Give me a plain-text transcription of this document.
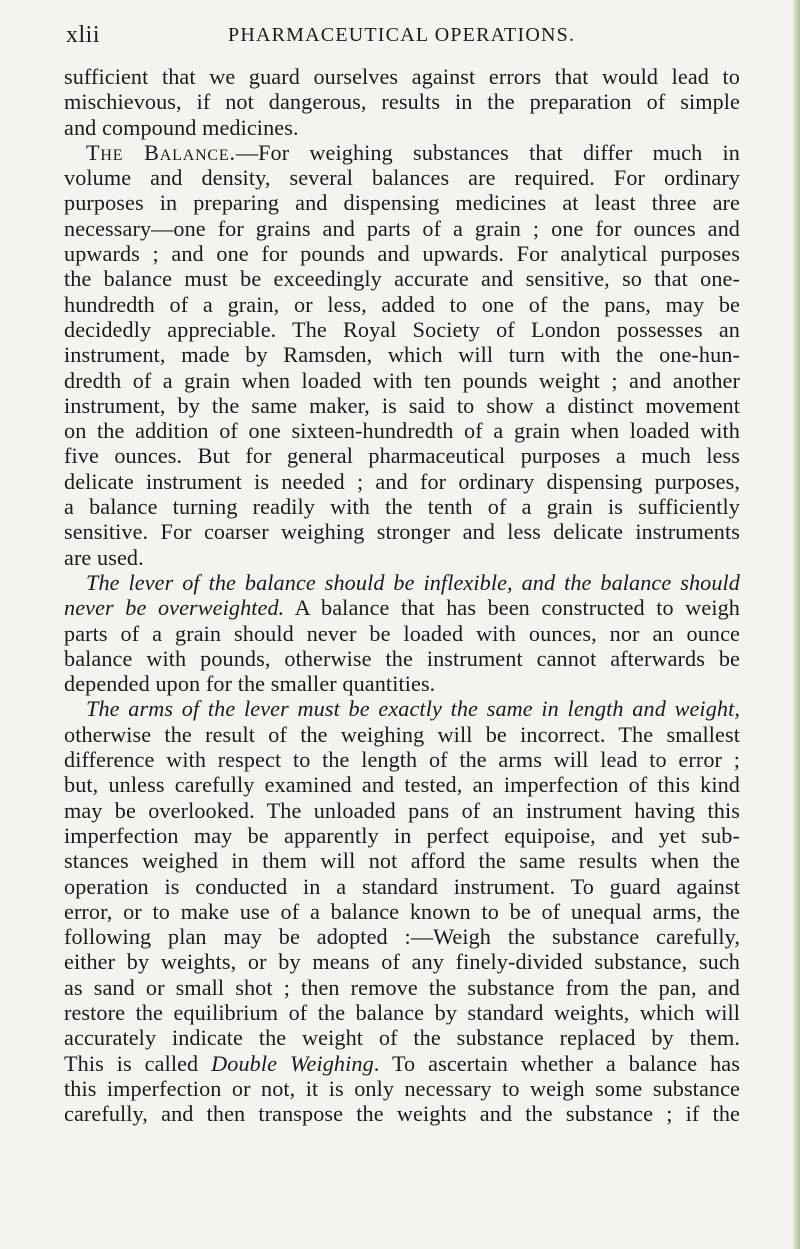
xlii	PHARMACEUTICAL OPERATIONS.
sufficient that we guard ourselves against errors that would lead to
mischievous, if not dangerous, results in the preparation of simple
and compound medicines.
The Balance.—For weighing substances that differ much in
volume and density, several balances are required. For ordinary
purposes in preparing and dispensing medicines at least three are
necessary—one for grains and parts of a grain ; one for ounces and
upwards ; and one for pounds and upwards. For analytical purposes
the balance must be exceedingly accurate and sensitive, so that one-
hundredth of a grain, or less, added to one of the pans, may be
decidedly appreciable. The Royal Society of London possesses an
instrument, made by Ramsden, which will turn with the one-hun-
dredth of a grain when loaded with ten pounds weight ; and another
instrument, by the same maker, is said to show a distinct movement
on the addition of one sixteen-hundredth of a grain when loaded with
five ounces. But for general pharmaceutical purposes a much less
delicate instrument is needed ; and for ordinary dispensing purposes,
a balance turning readily with the tenth of a grain is sufficiently
sensitive. For coarser weighing stronger and less delicate instruments
are used.
The lever of the balance should be inflexible, and the balance should
never be overweighted. A balance that has been constructed to weigh
parts of a grain should never be loaded with ounces, nor an ounce
balance with pounds, otherwise the instrument cannot afterwards be
depended upon for the smaller quantities.
The arms of the lever must be exactly the same in length and weight,
otherwise the result of the weighing will be incorrect. The smallest
difference with respect to the length of the arms will lead to error ;
but, unless carefully examined and tested, an imperfection of this kind
may be overlooked. The unloaded pans of an instrument having this
imperfection may be apparently in perfect equipoise, and yet sub-
stances weighed in them will not afford the same results when the
operation is conducted in a standard instrument. To guard against
error, or to make use of a balance known to be of unequal arms, the
following plan may be adopted :—Weigh the substance carefully,
either by weights, or by means of any finely-divided substance, such
as sand or small shot ; then remove the substance from the pan, and
restore the equilibrium of the balance by standard weights, which will
accurately indicate the weight of the substance replaced by them.
This is called Double Weighing. To ascertain whether a balance has
this imperfection or not, it is only necessary to weigh some substance
carefully, and then transpose the weights and the substance ; if the
